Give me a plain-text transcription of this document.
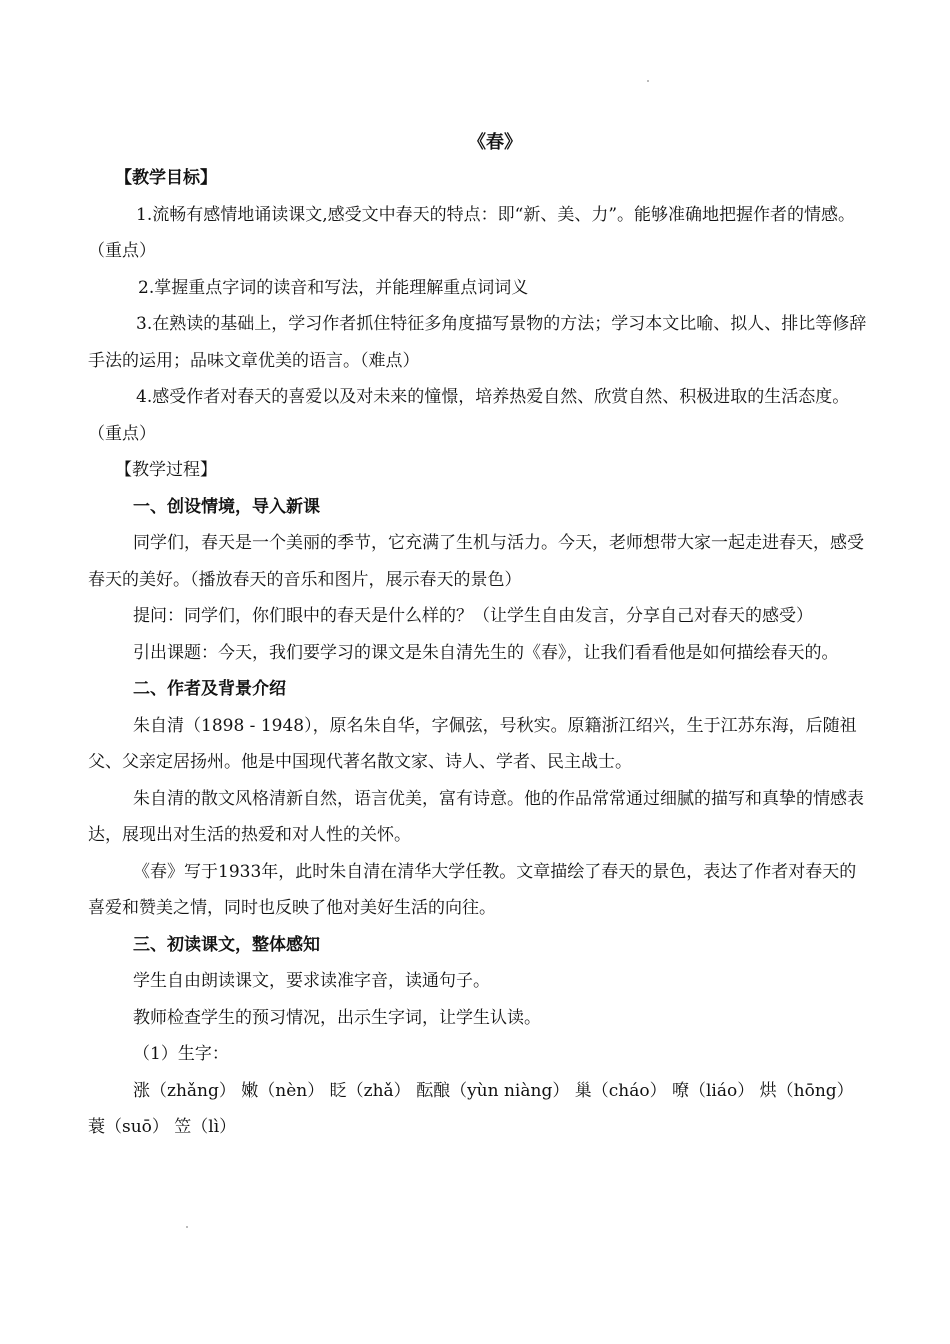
《春》

【教学目标】

1.流畅有感情地诵读课文,感受文中春天的特点：即“新、美、力”。能够准确地把握作者的情感。（重点）

2.掌握重点字词的读音和写法，并能理解重点词词义

3.在熟读的基础上，学习作者抓住特征多角度描写景物的方法；学习本文比喻、拟人、排比等修辞手法的运用；品味文章优美的语言。（难点）

4.感受作者对春天的喜爱以及对未来的憧憬，培养热爱自然、欣赏自然、积极进取的生活态度。（重点）

【教学过程】

一、创设情境，导入新课

同学们，春天是一个美丽的季节，它充满了生机与活力。今天，老师想带大家一起走进春天，感受春天的美好。（播放春天的音乐和图片，展示春天的景色）

提问：同学们，你们眼中的春天是什么样的？（让学生自由发言，分享自己对春天的感受）

引出课题：今天，我们要学习的课文是朱自清先生的《春》，让我们看看他是如何描绘春天的。

二、作者及背景介绍

朱自清（1898 - 1948），原名朱自华，字佩弦，号秋实。原籍浙江绍兴，生于江苏东海，后随祖父、父亲定居扬州。他是中国现代著名散文家、诗人、学者、民主战士。

朱自清的散文风格清新自然，语言优美，富有诗意。他的作品常常通过细腻的描写和真挚的情感表达，展现出对生活的热爱和对人性的关怀。

《春》写于1933年，此时朱自清在清华大学任教。文章描绘了春天的景色，表达了作者对春天的喜爱和赞美之情，同时也反映了他对美好生活的向往。

三、初读课文，整体感知

学生自由朗读课文，要求读准字音，读通句子。

教师检查学生的预习情况，出示生字词，让学生认读。

（1）生字：

涨（zhǎng） 嫩（nèn） 眨（zhǎ） 酝酿（yùn niàng） 巢（cháo） 嘹（liáo） 烘（hōng） 蓑（suō） 笠（lì）
